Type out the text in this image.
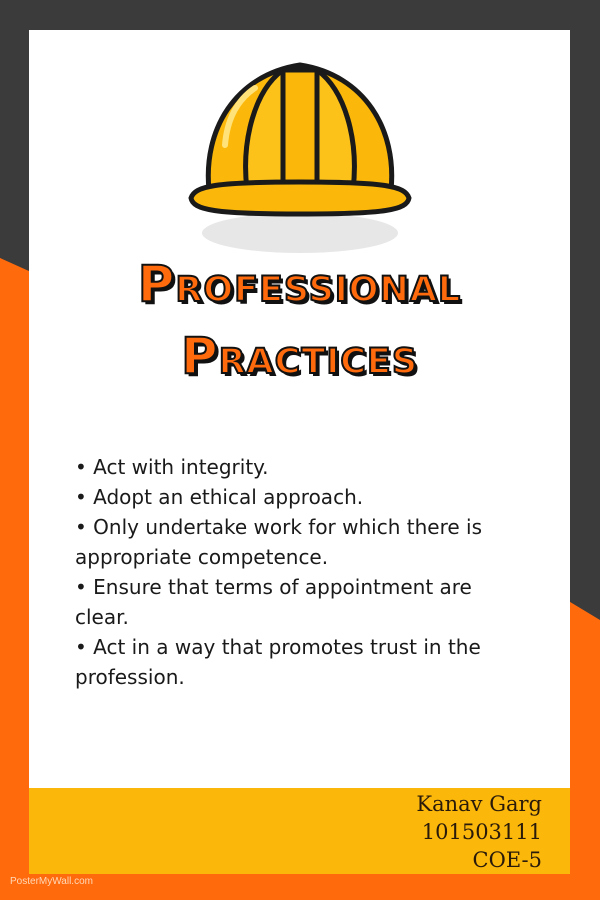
Professional
Practices
• Act with integrity.
• Adopt an ethical approach.
• Only undertake work for which there is appropriate competence.
• Ensure that terms of appointment are clear.
• Act in a way that promotes trust in the profession.
Kanav Garg
101503111
COE-5
PosterMyWall.com
